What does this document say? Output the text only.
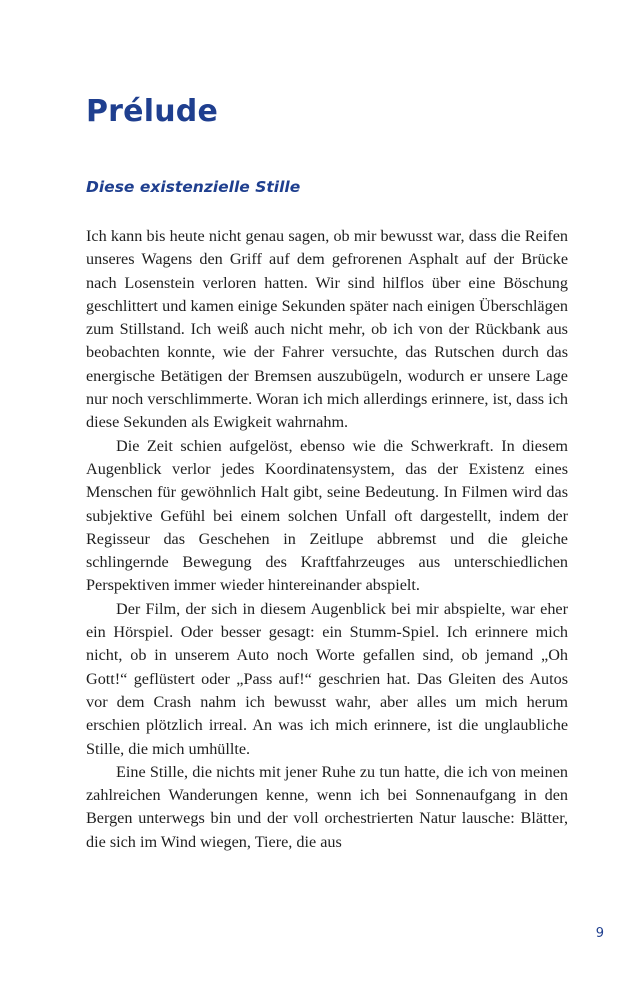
Prélude
Diese existenzielle Stille

Ich kann bis heute nicht genau sagen, ob mir bewusst war, dass die Reifen unseres Wagens den Griff auf dem gefrorenen Asphalt auf der Brücke nach Losenstein verloren hatten. Wir sind hilflos über eine Böschung geschlittert und kamen einige Sekunden später nach einigen Überschlägen zum Stillstand. Ich weiß auch nicht mehr, ob ich von der Rückbank aus beobachten konnte, wie der Fahrer versuchte, das Rutschen durch das energische Betätigen der Bremsen auszubügeln, wodurch er unsere Lage nur noch verschlimmerte. Woran ich mich allerdings erinnere, ist, dass ich diese Sekunden als Ewigkeit wahrnahm.

Die Zeit schien aufgelöst, ebenso wie die Schwerkraft. In diesem Augenblick verlor jedes Koordinatensystem, das der Existenz eines Menschen für gewöhnlich Halt gibt, seine Bedeutung. In Filmen wird das subjektive Gefühl bei einem solchen Unfall oft dargestellt, indem der Regisseur das Geschehen in Zeitlupe abbremst und die gleiche schlingernde Bewegung des Kraftfahrzeuges aus unterschiedlichen Perspektiven immer wieder hintereinander abspielt.

Der Film, der sich in diesem Augenblick bei mir abspielte, war eher ein Hörspiel. Oder besser gesagt: ein Stumm-Spiel. Ich erinnere mich nicht, ob in unserem Auto noch Worte gefallen sind, ob jemand „Oh Gott!“ geflüstert oder „Pass auf!“ geschrien hat. Das Gleiten des Autos vor dem Crash nahm ich bewusst wahr, aber alles um mich herum erschien plötzlich irreal. An was ich mich erinnere, ist die unglaubliche Stille, die mich umhüllte.

Eine Stille, die nichts mit jener Ruhe zu tun hatte, die ich von meinen zahlreichen Wanderungen kenne, wenn ich bei Sonnenaufgang in den Bergen unterwegs bin und der voll orchestrierten Natur lausche: Blätter, die sich im Wind wiegen, Tiere, die aus

9
